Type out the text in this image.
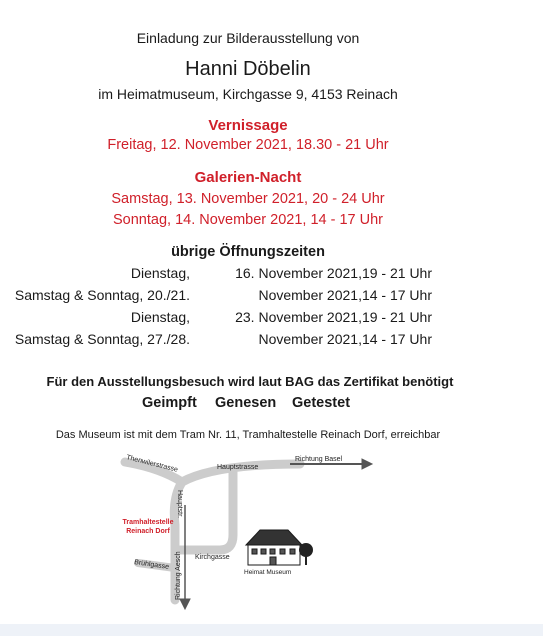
Einladung zur Bilderausstellung von
Hanni Döbelin
im Heimatmuseum, Kirchgasse 9, 4153 Reinach
Vernissage
Freitag, 12. November 2021, 18.30 - 21 Uhr
Galerien-Nacht
Samstag, 13. November 2021, 20 - 24 Uhr
Sonntag, 14. November 2021, 14 - 17 Uhr
übrige Öffnungszeiten
Dienstag,	16. November 2021,19 - 21 Uhr
Samstag & Sonntag, 20./21.	November 2021,14 - 17 Uhr
Dienstag,	23. November 2021,19 - 21 Uhr
Samstag & Sonntag, 27./28.	November 2021,14 - 17 Uhr
Für den Ausstellungsbesuch wird laut BAG das Zertifikat benötigt
Geimpft Genesen Getestet
Das Museum ist mit dem Tram Nr. 11, Tramhaltestelle Reinach Dorf, erreichbar
Thenwilerstrasse	Hauptstrasse
Richtung Basel
Hauptstr.
Kirchgasse
Brühlgasse Richtung Aesch	Heimat Museum
Tramhaltestelle
Reinach Dorf
